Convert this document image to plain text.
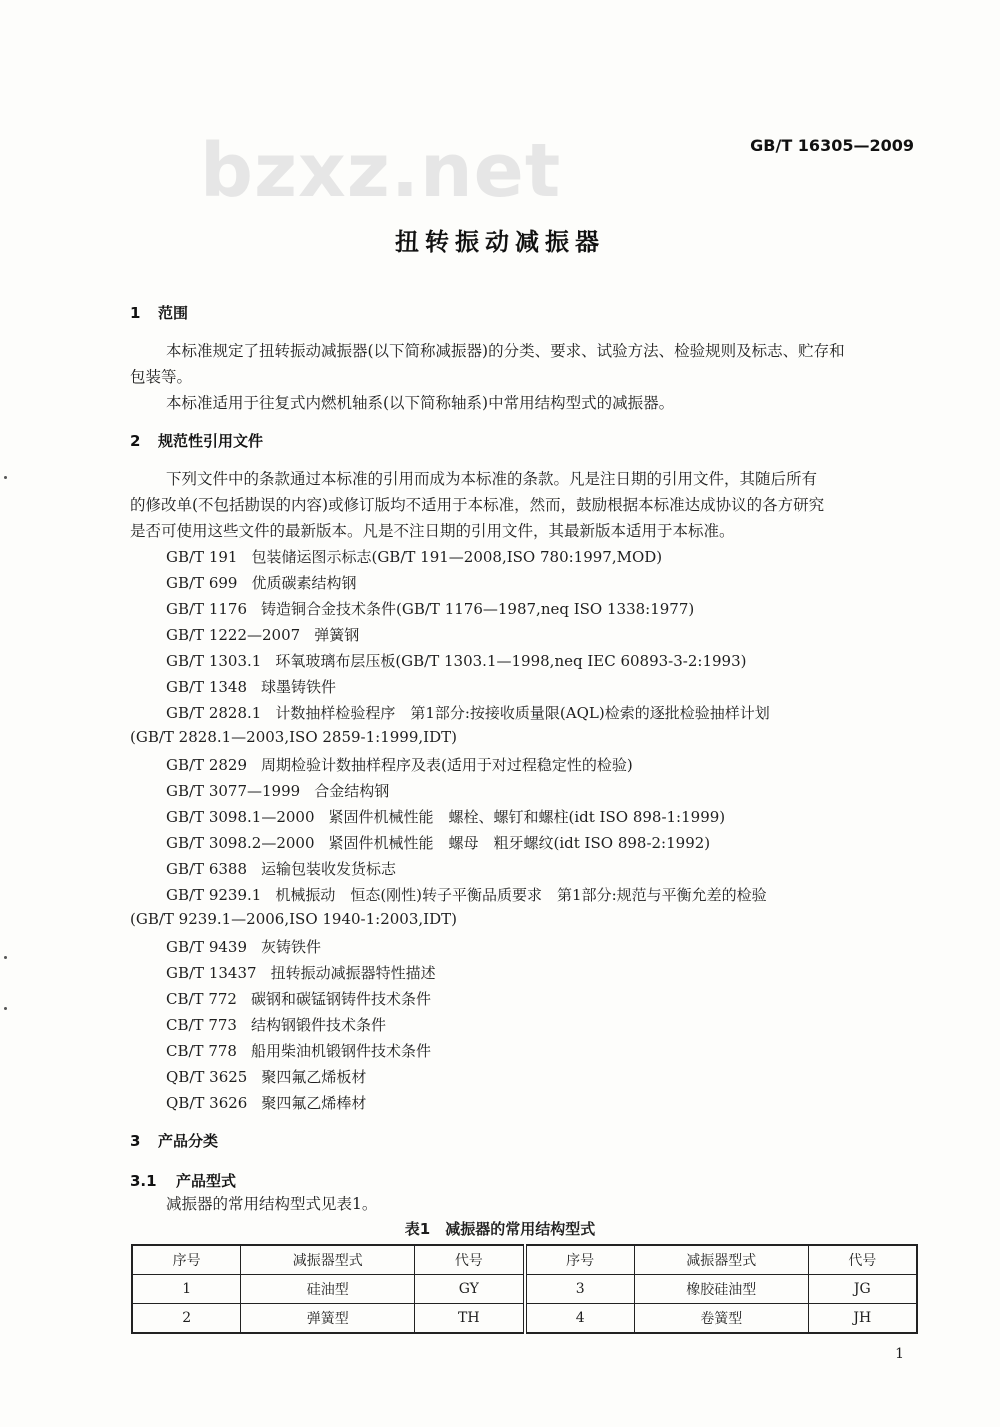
bzxz.net	GB/T 16305—2009
扭转振动减振器
1 范围
本标准规定了扭转振动减振器(以下简称减振器)的分类、要求、试验方法、检验规则及标志、贮存和
包装等。
本标准适用于往复式内燃机轴系(以下简称轴系)中常用结构型式的减振器。
2 规范性引用文件
下列文件中的条款通过本标准的引用而成为本标准的条款。凡是注日期的引用文件，其随后所有
的修改单(不包括勘误的内容)或修订版均不适用于本标准，然而，鼓励根据本标准达成协议的各方研究
是否可使用这些文件的最新版本。凡是不注日期的引用文件，其最新版本适用于本标准。
GB/T 191 包装储运图示标志(GB/T 191—2008,ISO 780:1997,MOD)
GB/T 699 优质碳素结构钢
GB/T 1176 铸造铜合金技术条件(GB/T 1176—1987,neq ISO 1338:1977)
GB/T 1222—2007 弹簧钢
GB/T 1303.1 环氧玻璃布层压板(GB/T 1303.1—1998,neq IEC 60893-3-2:1993)
GB/T 1348 球墨铸铁件
GB/T 2828.1 计数抽样检验程序　第1部分:按接收质量限(AQL)检索的逐批检验抽样计划
(GB/T 2828.1—2003,ISO 2859-1:1999,IDT)
GB/T 2829 周期检验计数抽样程序及表(适用于对过程稳定性的检验)
GB/T 3077—1999 合金结构钢
GB/T 3098.1—2000 紧固件机械性能　螺栓、螺钉和螺柱(idt ISO 898-1:1999)
GB/T 3098.2—2000 紧固件机械性能　螺母　粗牙螺纹(idt ISO 898-2:1992)
GB/T 6388 运输包装收发货标志
GB/T 9239.1 机械振动　恒态(刚性)转子平衡品质要求　第1部分:规范与平衡允差的检验
(GB/T 9239.1—2006,ISO 1940-1:2003,IDT)
GB/T 9439 灰铸铁件
GB/T 13437 扭转振动减振器特性描述
CB/T 772 碳钢和碳锰钢铸件技术条件
CB/T 773 结构钢锻件技术条件
CB/T 778 船用柴油机锻钢件技术条件
QB/T 3625 聚四氟乙烯板材
QB/T 3626 聚四氟乙烯棒材
3 产品分类
3.1 产品型式
减振器的常用结构型式见表1。
表1　减振器的常用结构型式
序号	减振器型式	代号	序号	减振器型式	代号
1	硅油型	GY	3	橡胶硅油型	JG
2	弹簧型	TH	4	卷簧型	JH
1
